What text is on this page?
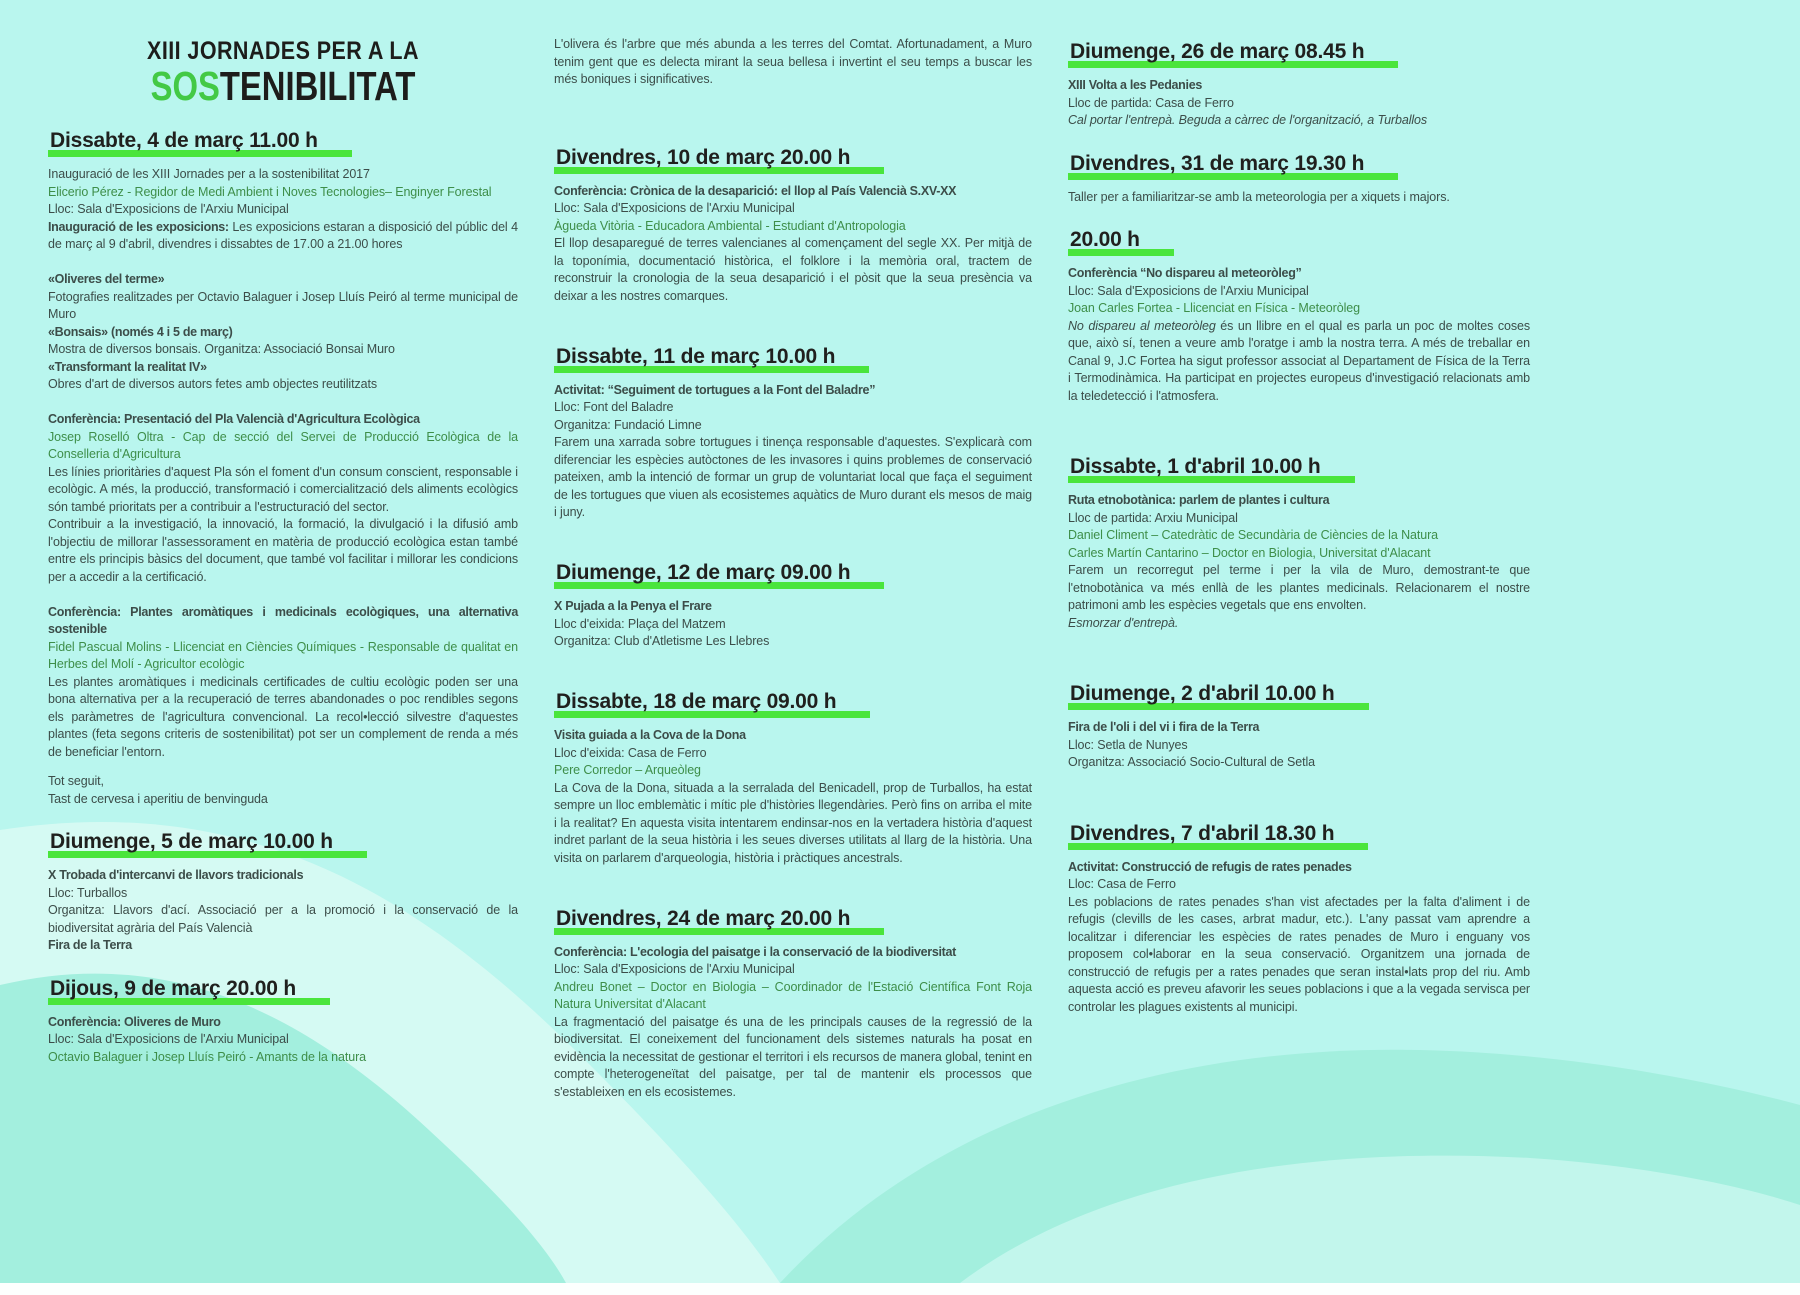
XIII JORNADES PER A LA
SOSTENIBILITAT
Dissabte, 4 de març 11.00 h

Inauguració de les XIII Jornades per a la sostenibilitat 2017

Elicerio Pérez - Regidor de Medi Ambient i Noves Tecnologies– Enginyer Forestal

Lloc: Sala d'Exposicions de l'Arxiu Municipal

Inauguració de les exposicions: Les exposicions estaran a disposició del públic del 4 de març al 9 d'abril, divendres i dissabtes de 17.00 a 21.00 hores

«Oliveres del terme»

Fotografies realitzades per Octavio Balaguer i Josep Lluís Peiró al terme municipal de Muro

«Bonsais» (només 4 i 5 de març)

Mostra de diversos bonsais. Organitza: Associació Bonsai Muro

«Transformant la realitat IV»

Obres d'art de diversos autors fetes amb objectes reutilitzats

Conferència: Presentació del Pla Valencià d'Agricultura Ecològica

Josep Roselló Oltra - Cap de secció del Servei de Producció Ecològica de la Conselleria d'Agricultura

Les línies prioritàries d'aquest Pla són el foment d'un consum conscient, responsable i ecològic. A més, la producció, transformació i comercialització dels aliments ecològics són també prioritats per a contribuir a l'estructuració del sector.

Contribuir a la investigació, la innovació, la formació, la divulgació i la difusió amb l'objectiu de millorar l'assessorament en matèria de producció ecològica estan també entre els principis bàsics del document, que també vol facilitar i millorar les condicions per a accedir a la certificació.

Conferència: Plantes aromàtiques i medicinals ecològiques, una alternativa sostenible

Fidel Pascual Molins - Llicenciat en Ciències Químiques - Responsable de qualitat en Herbes del Molí - Agricultor ecològic

Les plantes aromàtiques i medicinals certificades de cultiu ecològic poden ser una bona alternativa per a la recuperació de terres abandonades o poc rendibles segons els paràmetres de l'agricultura convencional. La recol•lecció silvestre d'aquestes plantes (feta segons criteris de sostenibilitat) pot ser un complement de renda a més de beneficiar l'entorn.

Tot seguit,

Tast de cervesa i aperitiu de benvinguda

Diumenge, 5 de març 10.00 h

X Trobada d'intercanvi de llavors tradicionals

Lloc: Turballos

Organitza: Llavors d'ací. Associació per a la promoció i la conservació de la biodiversitat agrària del País Valencià

Fira de la Terra

Dijous, 9 de març 20.00 h

Conferència: Oliveres de Muro

Lloc: Sala d'Exposicions de l'Arxiu Municipal

Octavio Balaguer i Josep Lluís Peiró - Amants de la natura

L'olivera és l'arbre que més abunda a les terres del Comtat. Afortunadament, a Muro tenim gent que es delecta mirant la seua bellesa i invertint el seu temps a buscar les més boniques i significatives.

Divendres, 10 de març 20.00 h

Conferència: Crònica de la desaparició: el llop al País Valencià S.XV-XX

Lloc: Sala d'Exposicions de l'Arxiu Municipal

Àgueda Vitòria - Educadora Ambiental - Estudiant d'Antropologia

El llop desaparegué de terres valencianes al començament del segle XX. Per mitjà de la toponímia, documentació històrica, el folklore i la memòria oral, tractem de reconstruir la cronologia de la seua desaparició i el pòsit que la seua presència va deixar a les nostres comarques.

Dissabte, 11 de març 10.00 h

Activitat: “Seguiment de tortugues a la Font del Baladre”

Lloc: Font del Baladre

Organitza: Fundació Limne

Farem una xarrada sobre tortugues i tinença responsable d'aquestes. S'explicarà com diferenciar les espècies autòctones de les invasores i quins problemes de conservació pateixen, amb la intenció de formar un grup de voluntariat local que faça el seguiment de les tortugues que viuen als ecosistemes aquàtics de Muro durant els mesos de maig i juny.

Diumenge, 12 de març 09.00 h

X Pujada a la Penya el Frare

Lloc d'eixida: Plaça del Matzem

Organitza: Club d'Atletisme Les Llebres

Dissabte, 18 de març 09.00 h

Visita guiada a la Cova de la Dona

Lloc d'eixida: Casa de Ferro

Pere Corredor – Arqueòleg

La Cova de la Dona, situada a la serralada del Benicadell, prop de Turballos, ha estat sempre un lloc emblemàtic i mític ple d'històries llegendàries. Però fins on arriba el mite i la realitat? En aquesta visita intentarem endinsar-nos en la vertadera història d'aquest indret parlant de la seua història i les seues diverses utilitats al llarg de la història. Una visita on parlarem d'arqueologia, història i pràctiques ancestrals.

Divendres, 24 de març 20.00 h

Conferència: L'ecologia del paisatge i la conservació de la biodiversitat

Lloc: Sala d'Exposicions de l'Arxiu Municipal

Andreu Bonet – Doctor en Biologia – Coordinador de l'Estació Científica Font Roja Natura Universitat d'Alacant

La fragmentació del paisatge és una de les principals causes de la regressió de la biodiversitat. El coneixement del funcionament dels sistemes naturals ha posat en evidència la necessitat de gestionar el territori i els recursos de manera global, tenint en compte l'heterogeneïtat del paisatge, per tal de mantenir els processos que s'estableixen en els ecosistemes.

Diumenge, 26 de març 08.45 h

XIII Volta a les Pedanies

Lloc de partida: Casa de Ferro

Cal portar l'entrepà. Beguda a càrrec de l'organització, a Turballos

Divendres, 31 de març 19.30 h

Taller per a familiaritzar-se amb la meteorologia per a xiquets i majors.

20.00 h

Conferència “No dispareu al meteoròleg”

Lloc: Sala d'Exposicions de l'Arxiu Municipal

Joan Carles Fortea - Llicenciat en Física - Meteoròleg

No dispareu al meteoròleg és un llibre en el qual es parla un poc de moltes coses que, això sí, tenen a veure amb l'oratge i amb la nostra terra. A més de treballar en Canal 9, J.C Fortea ha sigut professor associat al Departament de Física de la Terra i Termodinàmica. Ha participat en projectes europeus d'investigació relacionats amb la teledetecció i l'atmosfera.

Dissabte, 1 d'abril 10.00 h

Ruta etnobotànica: parlem de plantes i cultura

Lloc de partida: Arxiu Municipal

Daniel Climent – Catedràtic de Secundària de Ciències de la Natura

Carles Martín Cantarino – Doctor en Biologia, Universitat d'Alacant

Farem un recorregut pel terme i per la vila de Muro, demostrant-te que l'etnobotànica va més enllà de les plantes medicinals. Relacionarem el nostre patrimoni amb les espècies vegetals que ens envolten.

Esmorzar d'entrepà.

Diumenge, 2 d'abril 10.00 h

Fira de l'oli i del vi i fira de la Terra

Lloc: Setla de Nunyes

Organitza: Associació Socio-Cultural de Setla

Divendres, 7 d'abril 18.30 h

Activitat: Construcció de refugis de rates penades

Lloc: Casa de Ferro

Les poblacions de rates penades s'han vist afectades per la falta d'aliment i de refugis (clevills de les cases, arbrat madur, etc.). L'any passat vam aprendre a localitzar i diferenciar les espècies de rates penades de Muro i enguany vos proposem col•laborar en la seua conservació. Organitzem una jornada de construcció de refugis per a rates penades que seran instal•lats prop del riu. Amb aquesta acció es preveu afavorir les seues poblacions i que a la vegada servisca per controlar les plagues existents al municipi.
